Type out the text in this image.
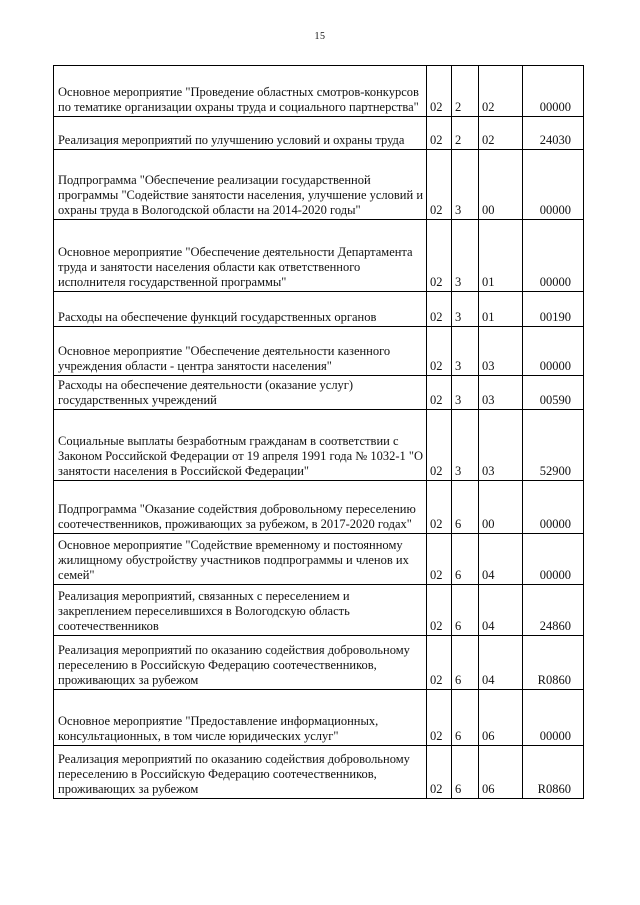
15
Основное мероприятие "Проведение областных смотров-конкурсов по тематике организации охраны труда и социального партнерства"	02	2	02	00000
Реализация мероприятий по улучшению условий и охраны труда	02	2	02	24030
Подпрограмма "Обеспечение реализации государственной программы "Содействие занятости населения, улучшение условий и охраны труда в Вологодской области на 2014-2020 годы"	02	3	00	00000
Основное мероприятие "Обеспечение деятельности Департамента труда и занятости населения области как ответственного исполнителя государственной программы"	02	3	01	00000
Расходы на обеспечение функций государственных органов	02	3	01	00190
Основное мероприятие "Обеспечение деятельности казенного учреждения области - центра занятости населения"	02	3	03	00000
Расходы на обеспечение деятельности (оказание услуг) государственных учреждений	02	3	03	00590
Социальные выплаты безработным гражданам в соответствии с Законом Российской Федерации от 19 апреля 1991 года № 1032-1 "О занятости населения в Российской Федерации"	02	3	03	52900
Подпрограмма "Оказание содействия добровольному переселению соотечественников, проживающих за рубежом, в 2017-2020 годах"	02	6	00	00000
Основное мероприятие "Содействие временному и постоянному жилищному обустройству участников подпрограммы и членов их семей"	02	6	04	00000
Реализация мероприятий, связанных с переселением и закреплением переселившихся в Вологодскую область соотечественников	02	6	04	24860
Реализация мероприятий по оказанию содействия добровольному переселению в Российскую Федерацию соотечественников, проживающих за рубежом	02	6	04	R0860
Основное мероприятие "Предоставление информационных, консультационных, в том числе юридических услуг"	02	6	06	00000
Реализация мероприятий по оказанию содействия добровольному переселению в Российскую Федерацию соотечественников, проживающих за рубежом	02	6	06	R0860
